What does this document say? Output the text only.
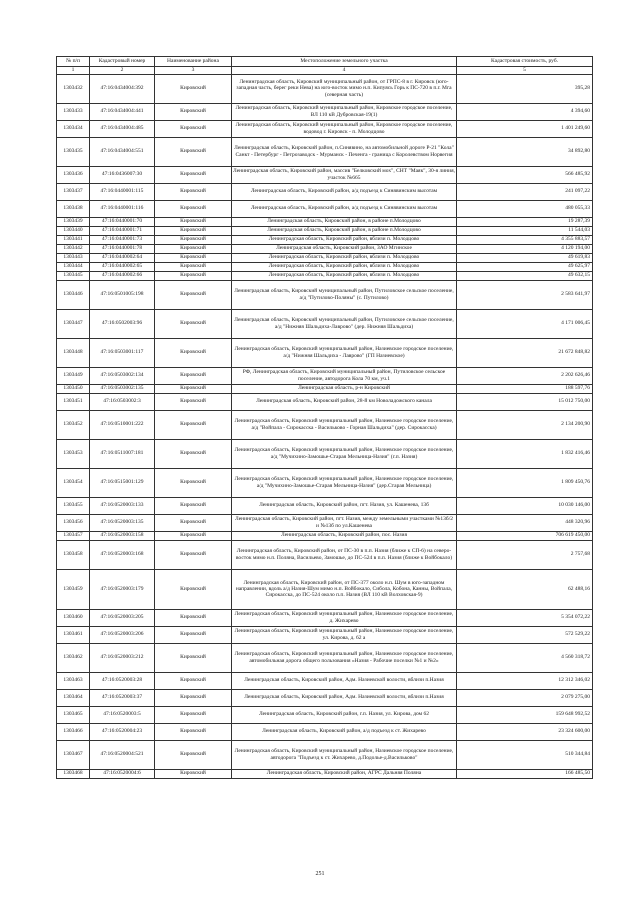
№ п/п	Кадастровый номер	Наименование района	Местоположение земельного участка	Кадастровая стоимость, руб.
1	2	3	4	5
1303432	47:16:0434004:392	Кировский	Ленинградская область, Кировский муниципальный район, от ГРПС-8 в г. Кировск (юго-западная часть, берег реки Нева) на юго-восток мимо н.п. Кипуясь Горь к ПС-720 в п.г. Мга (северная часть)	395,28
1303433	47:16:0434004:441	Кировский	Ленинградская область, Кировский муниципальный район, Кировское городское поселение, ВЛ 110 кВ Дубровская-19(1)	4 394,60
1303434	47:16:0434004:485	Кировский	Ленинградская область, Кировский муниципальный район, Кировское городское поселение, водовод г. Кировск - п. Молодцово	1 401 249,60
1303435	47:16:0434004:551	Кировский	Ленинградская область, Кировский район, п.Синявино, на автомобильной дороге Р-21 "Кола" Санкт - Петербург - Петрозаводск - Мурманск - Печенга - граница с Королевством Норвегия	34 892,80
1303436	47:16:0436007:30	Кировский	Ленинградская область, Кировский район, массив "Белковский мох", СНТ "Маяк", 30-я линия, участок №665	566 485,92
1303437	47:16:0440001:115	Кировский	Ленинградская область, Кировский район, а/д подъезд к Синявинским высотам	241 097,22
1303438	47:16:0440001:116	Кировский	Ленинградская область, Кировский район, а/д подъезд к Синявинским высотам	480 055,33
1303439	47:16:0440001:70	Кировский	Ленинградская область, Кировский район, в районе п.Молодцово	19 287,39
1303440	47:16:0440001:71	Кировский	Ленинградская область, Кировский район, в районе п.Молодцово	11 544,03
1303441	47:16:0440001:73	Кировский	Ленинградская область, Кировский район, вблизи п. Молодцово	4 355 883,57
1303442	47:16:0440001:78	Кировский	Ленинградская область, Кировский район, ЗАО Мгинское	4 120 194,00
1303443	47:16:0440002:64	Кировский	Ленинградская область, Кировский район, вблизи п. Молодцово	49 619,83
1303444	47:16:0440002:65	Кировский	Ленинградская область, Кировский район, вблизи п. Молодцово	49 625,97
1303445	47:16:0440002:66	Кировский	Ленинградская область, Кировский район, вблизи п. Молодцово	49 632,15
1303446	47:16:0501005:198	Кировский	Ленинградская область, Кировский муниципальный район, Путиловское сельское поселение, а/д "Путилово-Поляны" (с. Путилово)	2 583 641,97
1303447	47:16:0502003:96	Кировский	Ленинградская область, Кировский муниципальный район, Путиловское сельское поселение, а/д "Нижняя Шальдиха-Лаврово" (дер. Нижняя Шальдиха)	4 171 006,45
1303448	47:16:0503001:117	Кировский	Ленинградская область, Кировский муниципальный район, Назиевское городское поселение, а/д "Нижняя Шальдиха - Лаврово" (ГП Назиевское)	21 672 848,82
1303449	47:16:0503002:134	Кировский	РФ, Ленинградская область, Кировский муниципальный район, Путиловское сельское поселение, автодорога Кола 70 км, уч.1	2 202 626,46
1303450	47:16:0503002:135	Кировский	Ленинградская область, р-н Кировский	188 597,76
1303451	47:16:0503002:3	Кировский	Ленинградская область, Кировский район, 28-й км Новоладожского канала	15 012 750,00
1303452	47:16:0510001:222	Кировский	Ленинградская область, Кировский муниципальный район, Назиевское городское поселение, а/д "Войпала - Сирокасска - Васильково - Горная Шальдиха" (дер. Сирокасска)	2 134 200,90
1303453	47:16:0511007:181	Кировский	Ленинградская область, Кировский муниципальный район, Назиевское городское поселение, а/д "Мучихино-Замошье-Старая Мельница-Назия" (г.п. Назия)	1 832 416,46
1303454	47:16:0515001:129	Кировский	Ленинградская область, Кировский муниципальный район, Назиевское городское поселение, а/д "Мучихино-Замошье-Старая Мельница-Назия" (дер.Старая Мельница)	1 809 450,76
1303455	47:16:0520003:133	Кировский	Ленинградская область, Кировский район, пгт. Назия, ул. Кашенева, 13б	10 030 146,00
1303456	47:16:0520003:135	Кировский	Ленинградская область, Кировский район, пгт. Назия, между земельными участками №13б/2 и №13б по ул.Кашенева	448 320,96
1303457	47:16:0520003:158	Кировский	Ленинградская область, Кировский район, пос. Назия	706 619 450,00
1303458	47:16:0520003:168	Кировский	Ленинградская область, Кировский район, от ПС-30 в п.п. Назия (ближе к СП-6) на северо-восток мимо н.п. Поляна, Васильево, Замошье, до ПС-524 в п.п. Назия (ближе к Войбокало)	2 757,68
1303459	47:16:0520003:179	Кировский	Ленинградская область, Кировский район, от ПС-377 около н.п. Шум в юго-западном направлении, вдоль а/д Назия-Шум мимо н.п. Войбокало, Сибола, Кобона, Канны, Войпала, Сирокасска, до ПС-524 около п.п. Назия (ВЛ 110 кВ Волховская-9)	62 488,16
1303460	47:16:0520003:205	Кировский	Ленинградская область, Кировский муниципальный район, Назиевское городское поселение, д. Жихарево	5 354 072,22
1303461	47:16:0520003:206	Кировский	Ленинградская область, Кировский муниципальный район, Назиевское городское поселение, ул. Кирова, д. 62 а	572 529,22
1303462	47:16:0520003:212	Кировский	Ленинградская область, Кировский муниципальный район, Назиевское городское поселение, автомобильная дорога общего пользования «Назия - Рабочие поселки №1 и №2»	4 560 318,72
1303463	47:16:0520003:28	Кировский	Ленинградская область, Кировский район, Адм. Назиевской волости, вблизи п.Назия	12 312 346,02
1303464	47:16:0520003:37	Кировский	Ленинградская область, Кировский район, Адм. Назиевской волости, вблизи п.Назия	2 079 275,00
1303465	47:16:0520003:5	Кировский	Ленинградская область, Кировский район, г.п. Назия, ул. Кирова, дом 62	159 648 992,52
1303466	47:16:0520004:23	Кировский	Ленинградская область, Кировский район, а/д подъезд к ст. Жихарево	23 324 600,00
1303467	47:16:0520004:521	Кировский	Ленинградская область, Кировский муниципальный район, Назиевское городское поселение, автодорога "Подъезд к ст. Жихарево, д.Подолье-д.Васильково"	510 344,84
1303468	47:16:0520004:6	Кировский	Ленинградская область, Кировский район, АГРС Дальняя Поляна	166 485,50
251
